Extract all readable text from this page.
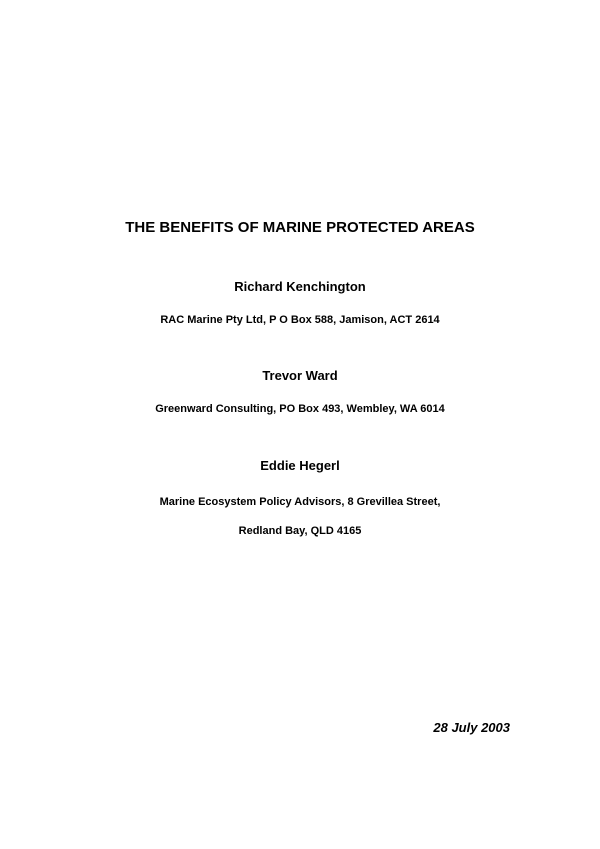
THE BENEFITS OF MARINE PROTECTED AREAS
Richard Kenchington
RAC Marine Pty Ltd, P O Box 588, Jamison, ACT 2614
Trevor Ward
Greenward Consulting, PO Box 493, Wembley, WA 6014
Eddie Hegerl
Marine Ecosystem Policy Advisors, 8 Grevillea Street,
Redland Bay, QLD 4165
28 July 2003
